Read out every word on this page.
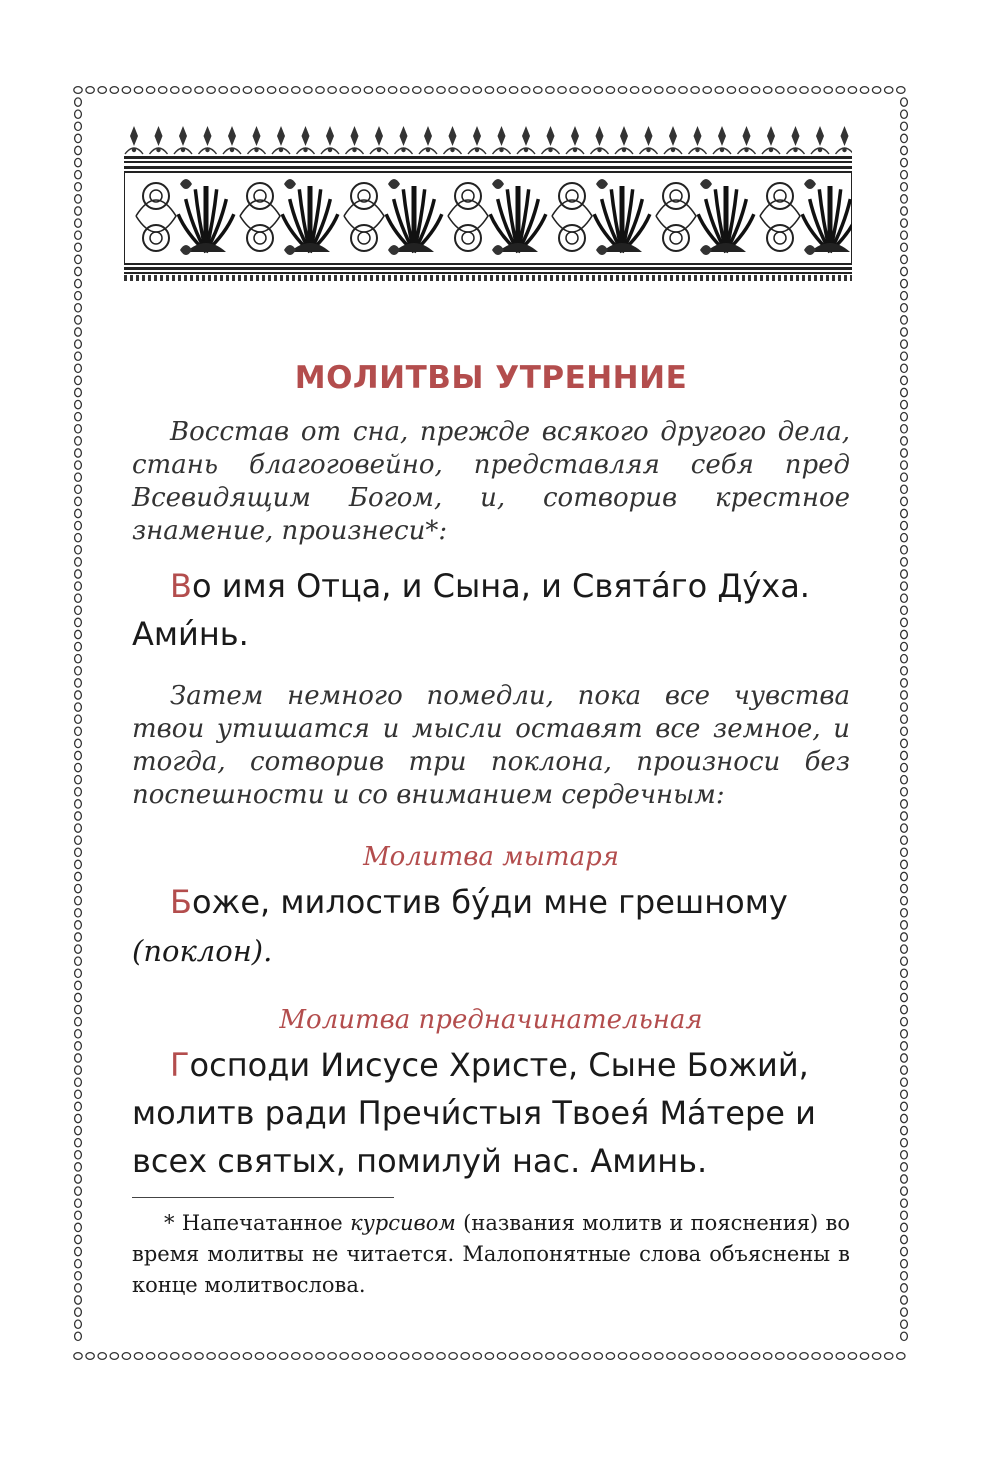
МОЛИТВЫ УТРЕННИЕ

Восстав от сна, прежде всякого другого дела, стань благоговейно, представляя себя пред Всевидящим Богом, и, сотворив крестное знамение, произнеси*:

Во имя Отца, и Сына, и Свята́го Ду́ха. Ами́нь.

Затем немного помедли, пока все чувства твои утишатся и мысли оставят все земное, и тогда, сотворив три поклона, произноси без поспешности и со вниманием сердечным:

Молитва мытаря

Боже, милостив бу́ди мне грешному (поклон).

Молитва предначинательная

Господи Иисусе Христе, Сыне Божий, молитв ради Пречи́стыя Твоея́ Ма́тере и всех святых, помилуй нас. Аминь.

* Напечатанное курсивом (названия молитв и пояснения) во время молитвы не читается. Малопонятные слова объяснены в конце молитвослова.
